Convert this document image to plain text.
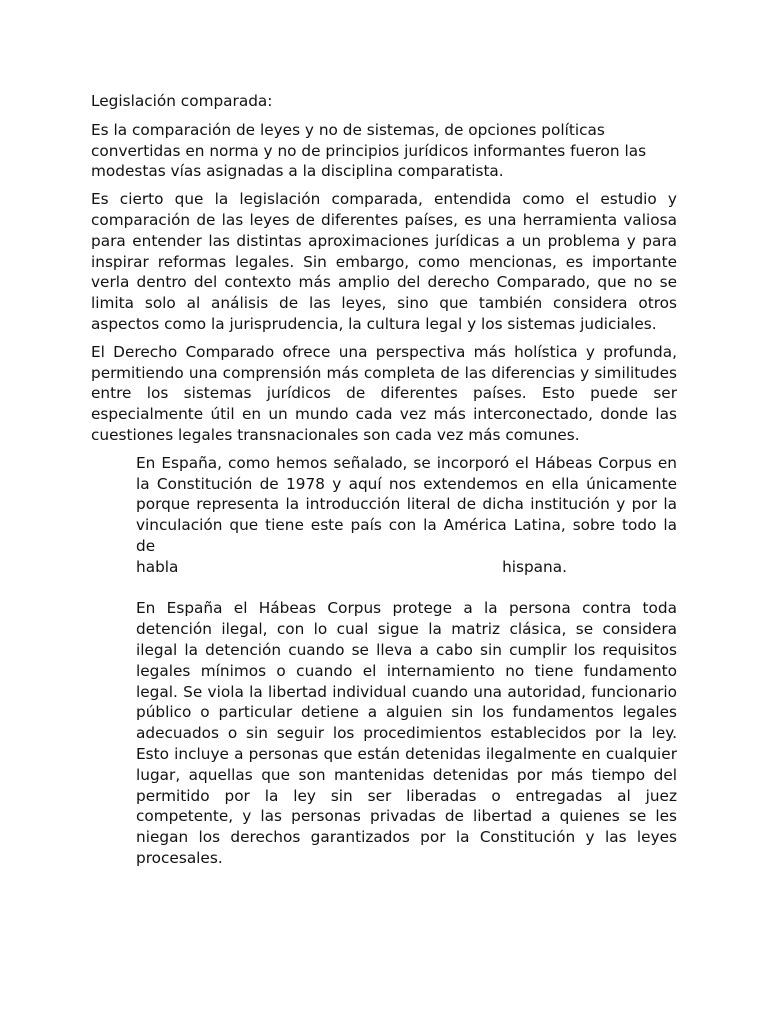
Legislación comparada:

Es la comparación de leyes y no de sistemas, de opciones políticas convertidas en norma y no de principios jurídicos informantes fueron las modestas vías asignadas a la disciplina comparatista.

Es cierto que la legislación comparada, entendida como el estudio y comparación de las leyes de diferentes países, es una herramienta valiosa para entender las distintas aproximaciones jurídicas a un problema y para inspirar reformas legales. Sin embargo, como mencionas, es importante verla dentro del contexto más amplio del derecho Comparado, que no se limita solo al análisis de las leyes, sino que también considera otros aspectos como la jurisprudencia, la cultura legal y los sistemas judiciales.

El Derecho Comparado ofrece una perspectiva más holística y profunda, permitiendo una comprensión más completa de las diferencias y similitudes entre los sistemas jurídicos de diferentes países. Esto puede ser especialmente útil en un mundo cada vez más interconectado, donde las cuestiones legales transnacionales son cada vez más comunes.

En España, como hemos señalado, se incorporó el Hábeas Corpus en la Constitución de 1978 y aquí nos extendemos en ella únicamente porque representa la introducción literal de dicha institución y por la vinculación que tiene este país con la América Latina, sobre todo la de

habla	hispana.

En España el Hábeas Corpus protege a la persona contra toda detención ilegal, con lo cual sigue la matriz clásica, se considera ilegal la detención cuando se lleva a cabo sin cumplir los requisitos legales mínimos o cuando el internamiento no tiene fundamento legal. Se viola la libertad individual cuando una autoridad, funcionario público o particular detiene a alguien sin los fundamentos legales adecuados o sin seguir los procedimientos establecidos por la ley. Esto incluye a personas que están detenidas ilegalmente en cualquier lugar, aquellas que son mantenidas detenidas por más tiempo del permitido por la ley sin ser liberadas o entregadas al juez competente, y las personas privadas de libertad a quienes se les niegan los derechos garantizados por la Constitución y las leyes procesales.
